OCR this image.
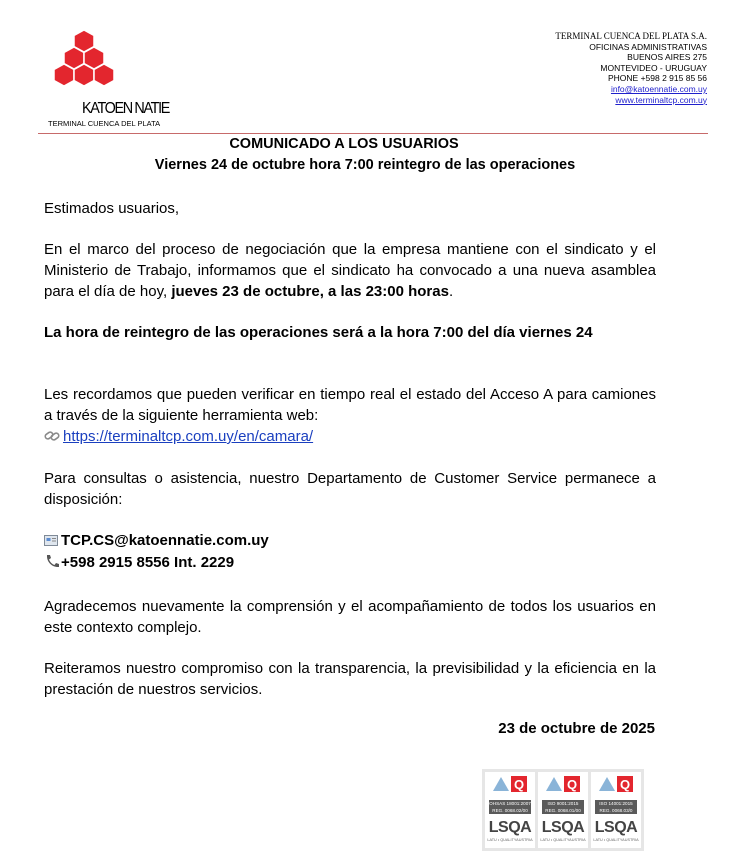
KATOEN NATIE
TERMINAL CUENCA DEL PLATA
TERMINAL CUENCA DEL PLATA S.A.
OFICINAS ADMINISTRATIVAS
BUENOS AIRES 275
MONTEVIDEO - URUGUAY
PHONE +598 2 915 85 56
info@katoennatie.com.uy
www.terminaltcp.com.uy
COMUNICADO A LOS USUARIOS
Viernes 24 de octubre hora 7:00 reintegro de las operaciones
Estimados usuarios,
En el marco del proceso de negociación que la empresa mantiene con el sindicato y el Ministerio de Trabajo, informamos que el sindicato ha convocado a una nueva asamblea para el día de hoy, jueves 23 de octubre, a las 23:00 horas.
La hora de reintegro de las operaciones será a la hora 7:00 del día viernes 24
Les recordamos que pueden verificar en tiempo real el estado del Acceso A para camiones a través de la siguiente herramienta web:
https://terminaltcp.com.uy/en/camara/
Para consultas o asistencia, nuestro Departamento de Customer Service permanece a disposición:
TCP.CS@katoennatie.com.uy
+598 2915 8556 Int. 2229
Agradecemos nuevamente la comprensión y el acompañamiento de todos los usuarios en este contexto complejo.
Reiteramos nuestro compromiso con la transparencia, la previsibilidad y la eficiencia en la prestación de nuestros servicios.
23 de octubre de 2025
Q
OHSAS 18001:2007
REG. 0068.02/00
LSQA
LATU • QUALITYAUSTRIA
Q
ISO 9001:2015
REG. 0068.01/00
LSQA
LATU • QUALITYAUSTRIA
Q
ISO 14001:2015
REG. 0068.03/0
LSQA
LATU • QUALITYAUSTRIA
